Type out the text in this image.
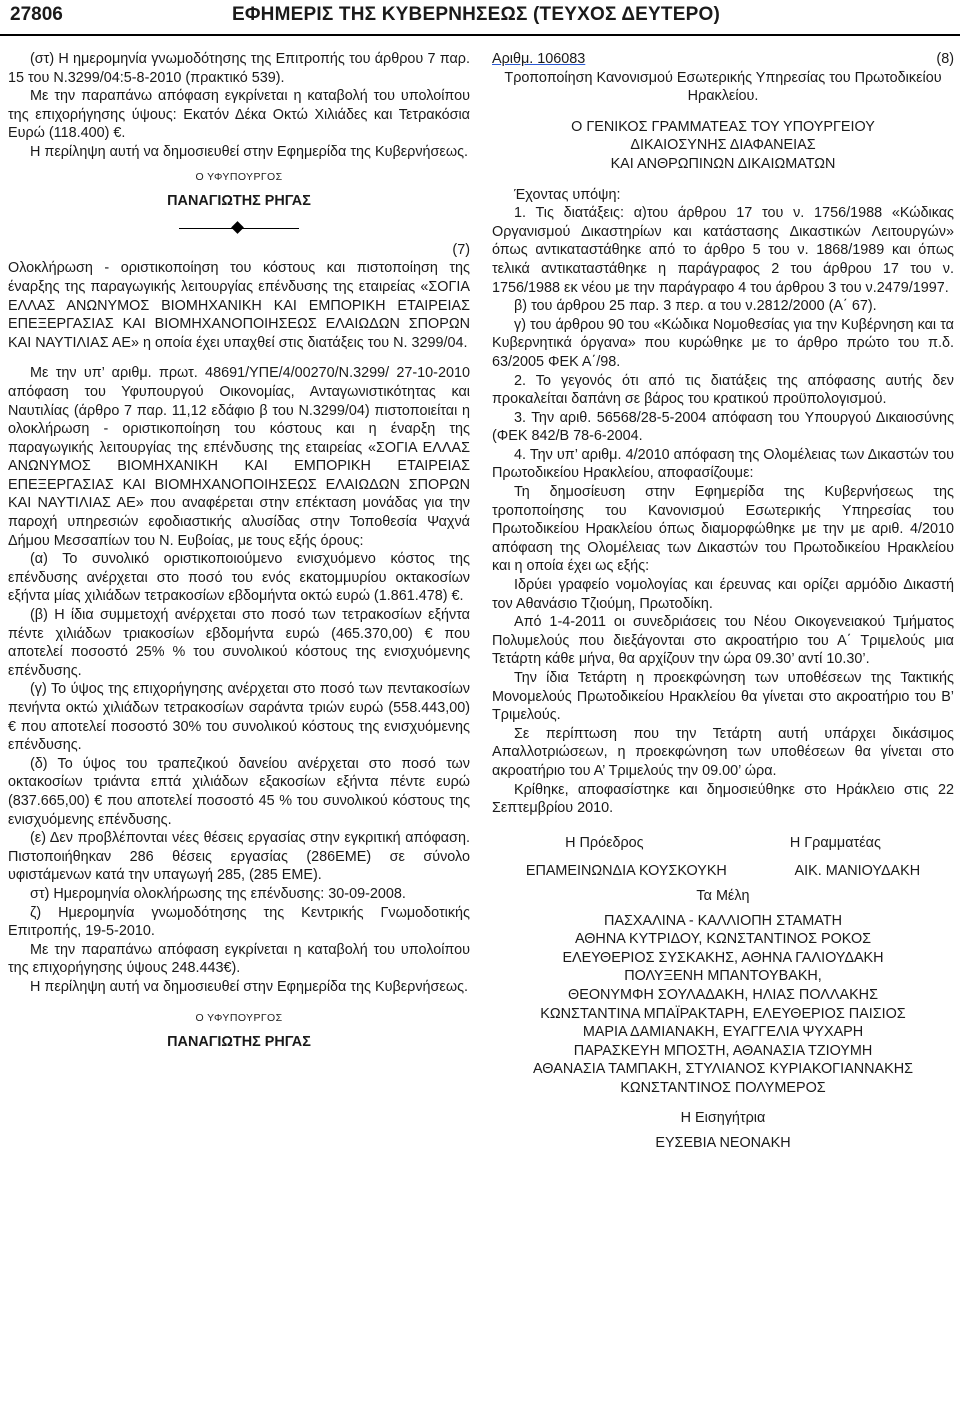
27806	ΕΦΗΜΕΡΙΣ ΤΗΣ ΚΥΒΕΡΝΗΣΕΩΣ (ΤΕΥΧΟΣ ΔΕΥΤΕΡΟ)

(στ) Η ημερομηνία γνωμοδότησης της Επιτροπής του άρθρου 7 παρ. 15 του Ν.3299/04:5-8-2010 (πρακτικό 539).

Με την παραπάνω απόφαση εγκρίνεται η καταβολή του υπολοίπου της επιχορήγησης ύψους: Εκατόν Δέκα Οκτώ Χιλιάδες και Τετρακόσια Ευρώ (118.400) €.

Η περίληψη αυτή να δημοσιευθεί στην Εφημερίδα της Κυβερνήσεως.

Ο ΥΦΥΠΟΥΡΓΟΣ

ΠΑΝΑΓΙΩΤΗΣ ΡΗΓΑΣ

(7)

Ολοκλήρωση - οριστικοποίηση του κόστους και πιστοποίηση της έναρξης της παραγωγικής λειτουργίας επένδυσης της εταιρείας «ΣΟΓΙΑ ΕΛΛΑΣ ΑΝΩΝΥΜΟΣ ΒΙΟΜΗΧΑΝΙΚΗ ΚΑΙ ΕΜΠΟΡΙΚΗ ΕΤΑΙΡΕΙΑΣ ΕΠΕΞΕΡΓΑΣΙΑΣ ΚΑΙ ΒΙΟΜΗΧΑΝΟΠΟΙΗΣΕΩΣ ΕΛΑΙΩΔΩΝ ΣΠΟΡΩΝ ΚΑΙ ΝΑΥΤΙΛΙΑΣ ΑΕ» η οποία έχει υπαχθεί στις διατάξεις του Ν. 3299/04.

Με την υπ’ αριθμ. πρωτ. 48691/ΥΠΕ/4/00270/Ν.3299/ 27-10-2010 απόφαση του Υφυπουργού Οικονομίας, Ανταγωνιστικότητας και Ναυτιλίας (άρθρο 7 παρ. 11,12 εδάφιο β του Ν.3299/04) πιστοποιείται η ολοκλήρωση - οριστικοποίηση του κόστους και η έναρξη της παραγωγικής λειτουργίας της επένδυσης της εταιρείας «ΣΟΓΙΑ ΕΛΛΑΣ ΑΝΩΝΥΜΟΣ ΒΙΟΜΗΧΑΝΙΚΗ ΚΑΙ ΕΜΠΟΡΙΚΗ ΕΤΑΙΡΕΙΑΣ ΕΠΕΞΕΡΓΑΣΙΑΣ ΚΑΙ ΒΙΟΜΗΧΑΝΟΠΟΙΗΣΕΩΣ ΕΛΑΙΩΔΩΝ ΣΠΟΡΩΝ ΚΑΙ ΝΑΥΤΙΛΙΑΣ ΑΕ» που αναφέρεται στην επέκταση μονάδας για την παροχή υπηρεσιών εφοδιαστικής αλυσίδας στην Τοποθεσία Ψαχνά Δήμου Μεσσαπίων του Ν. Ευβοίας, με τους εξής όρους:

(α) Το συνολικό οριστικοποιούμενο ενισχυόμενο κόστος της επένδυσης ανέρχεται στο ποσό του ενός εκατομμυρίου οκτακοσίων εξήντα μίας χιλιάδων τετρακοσίων εβδομήντα οκτώ ευρώ (1.861.478) €.

(β) Η ίδια συμμετοχή ανέρχεται στο ποσό των τετρακοσίων εξήντα πέντε χιλιάδων τριακοσίων εβδομήντα ευρώ (465.370,00) € που αποτελεί ποσοστό 25% % του συνολικού κόστους της ενισχυόμενης επένδυσης.

(γ) Το ύψος της επιχορήγησης ανέρχεται στο ποσό των πεντακοσίων πενήντα οκτώ χιλιάδων τετρακοσίων σαράντα τριών ευρώ (558.443,00) € που αποτελεί ποσοστό 30% του συνολικού κόστους της ενισχυόμενης επένδυσης.

(δ) Το ύψος του τραπεζικού δανείου ανέρχεται στο ποσό των οκτακοσίων τριάντα επτά χιλιάδων εξακοσίων εξήντα πέντε ευρώ (837.665,00) € που αποτελεί ποσοστό 45 % του συνολικού κόστους της ενισχυόμενης επένδυσης.

(ε) Δεν προβλέπονται νέες θέσεις εργασίας στην εγκριτική απόφαση. Πιστοποιήθηκαν 286 θέσεις εργασίας (286ΕΜΕ) σε σύνολο υφιστάμενων κατά την υπαγωγή 285, (285 ΕΜΕ).

στ) Ημερομηνία ολοκλήρωσης της επένδυσης: 30-09-2008.

ζ) Ημερομηνία γνωμοδότησης της Κεντρικής Γνωμοδοτικής Επιτροπής, 19-5-2010.

Με την παραπάνω απόφαση εγκρίνεται η καταβολή του υπολοίπου της επιχορήγησης ύψους 248.443€).

Η περίληψη αυτή να δημοσιευθεί στην Εφημερίδα της Κυβερνήσεως.

Ο ΥΦΥΠΟΥΡΓΟΣ

ΠΑΝΑΓΙΩΤΗΣ ΡΗΓΑΣ

Αριθμ. 106083	(8)

Τροποποίηση Κανονισμού Εσωτερικής Υπηρεσίας του Πρωτοδικείου Ηρακλείου.

Ο ΓΕΝΙΚΟΣ ΓΡΑΜΜΑΤΕΑΣ ΤΟΥ ΥΠΟΥΡΓΕΙΟΥ

ΔΙΚΑΙΟΣΥΝΗΣ ΔΙΑΦΑΝΕΙΑΣ

ΚΑΙ ΑΝΘΡΩΠΙΝΩΝ ΔΙΚΑΙΩΜΑΤΩΝ

Έχοντας υπόψη:

1. Τις διατάξεις: α)του άρθρου 17 του ν. 1756/1988 «Κώδικας Οργανισμού Δικαστηρίων και κατάστασης Δικαστικών Λειτουργών» όπως αντικαταστάθηκε από το άρθρο 5 του ν. 1868/1989 και όπως τελικά αντικαταστάθηκε η παράγραφος 2 του άρθρου 17 του ν. 1756/1988 εκ νέου με την παράγραφο 4 του άρθρου 3 του ν.2479/1997.

β) του άρθρου 25 παρ. 3 περ. α του ν.2812/2000 (Α΄ 67).

γ) του άρθρου 90 του «Κώδικα Νομοθεσίας για την Κυβέρνηση και τα Κυβερνητικά όργανα» που κυρώθηκε με το άρθρο πρώτο του π.δ. 63/2005 ΦΕΚ Α΄/98.

2. Το γεγονός ότι από τις διατάξεις της απόφασης αυτής δεν προκαλείται δαπάνη σε βάρος του κρατικού προϋπολογισμού.

3. Την αριθ. 56568/28-5-2004 απόφαση του Υπουργού Δικαιοσύνης (ΦΕΚ 842/Β 78-6-2004.

4. Την υπ’ αριθμ. 4/2010 απόφαση της Ολομέλειας των Δικαστών του Πρωτοδικείου Ηρακλείου, αποφασίζουμε:

Τη δημοσίευση στην Εφημερίδα της Κυβερνήσεως της τροποποίησης του Κανονισμού Εσωτερικής Υπηρεσίας του Πρωτοδικείου Ηρακλείου όπως διαμορφώθηκε με την με αριθ. 4/2010 απόφαση της Ολομέλειας των Δικαστών του Πρωτοδικείου Ηρακλείου και η οποία έχει ως εξής:

Ιδρύει γραφείο νομολογίας και έρευνας και ορίζει αρμόδιο Δικαστή τον Αθανάσιο Τζιούμη, Πρωτοδίκη.

Από 1-4-2011 οι συνεδριάσεις του Νέου Οικογενειακού Τμήματος Πολυμελούς που διεξάγονται στο ακροατήριο του Α΄ Τριμελούς μια Τετάρτη κάθε μήνα, θα αρχίζουν την ώρα 09.30’ αντί 10.30’.

Την ίδια Τετάρτη η προεκφώνηση των υποθέσεων της Τακτικής Μονομελούς Πρωτοδικείου Ηρακλείου θα γίνεται στο ακροατήριο του Β’ Τριμελούς.

Σε περίπτωση που την Τετάρτη αυτή υπάρχει δικάσιμος Απαλλοτριώσεων, η προεκφώνηση των υποθέσεων θα γίνεται στο ακροατήριο του Α’ Τριμελούς την 09.00’ ώρα.

Κρίθηκε, αποφασίστηκε και δημοσιεύθηκε στο Ηράκλειο στις 22 Σεπτεμβρίου 2010.

Η Πρόεδρος	Η Γραμματέας
ΕΠΑΜΕΙΝΩΝΔΙΑ ΚΟΥΣΚΟΥΚΗ	ΑΙΚ. ΜΑΝΙΟΥΔΑΚΗ

Τα Μέλη

ΠΑΣΧΑΛΙΝΑ - ΚΑΛΛΙΟΠΗ ΣΤΑΜΑΤΗ

ΑΘΗΝΑ ΚΥΤΡΙΔΟΥ, ΚΩΝΣΤΑΝΤΙΝΟΣ ΡΟΚΟΣ

ΕΛΕΥΘΕΡΙΟΣ ΣΥΣΚΑΚΗΣ, ΑΘΗΝΑ ΓΑΛΙΟΥΔΑΚΗ

ΠΟΛΥΞΕΝΗ ΜΠΑΝΤΟΥΒΑΚΗ,

ΘΕΟΝΥΜΦΗ ΣΟΥΛΑΔΑΚΗ, ΗΛΙΑΣ ΠΟΛΛΑΚΗΣ

ΚΩΝΣΤΑΝΤΙΝΑ ΜΠΑΪΡΑΚΤΑΡΗ, ΕΛΕΥΘΕΡΙΟΣ ΠΑΙΣΙΟΣ

ΜΑΡΙΑ ΔΑΜΙΑΝΑΚΗ, ΕΥΑΓΓΕΛΙΑ ΨΥΧΑΡΗ

ΠΑΡΑΣΚΕΥΗ ΜΠΟΣΤΗ, ΑΘΑΝΑΣΙΑ ΤΖΙΟΥΜΗ

ΑΘΑΝΑΣΙΑ ΤΑΜΠΑΚΗ, ΣΤΥΛΙΑΝΟΣ ΚΥΡΙΑΚΟΓΙΑΝΝΑΚΗΣ

ΚΩΝΣΤΑΝΤΙΝΟΣ ΠΟΛΥΜΕΡΟΣ

Η Εισηγήτρια

ΕΥΣΕΒΙΑ ΝΕΟΝΑΚΗ
